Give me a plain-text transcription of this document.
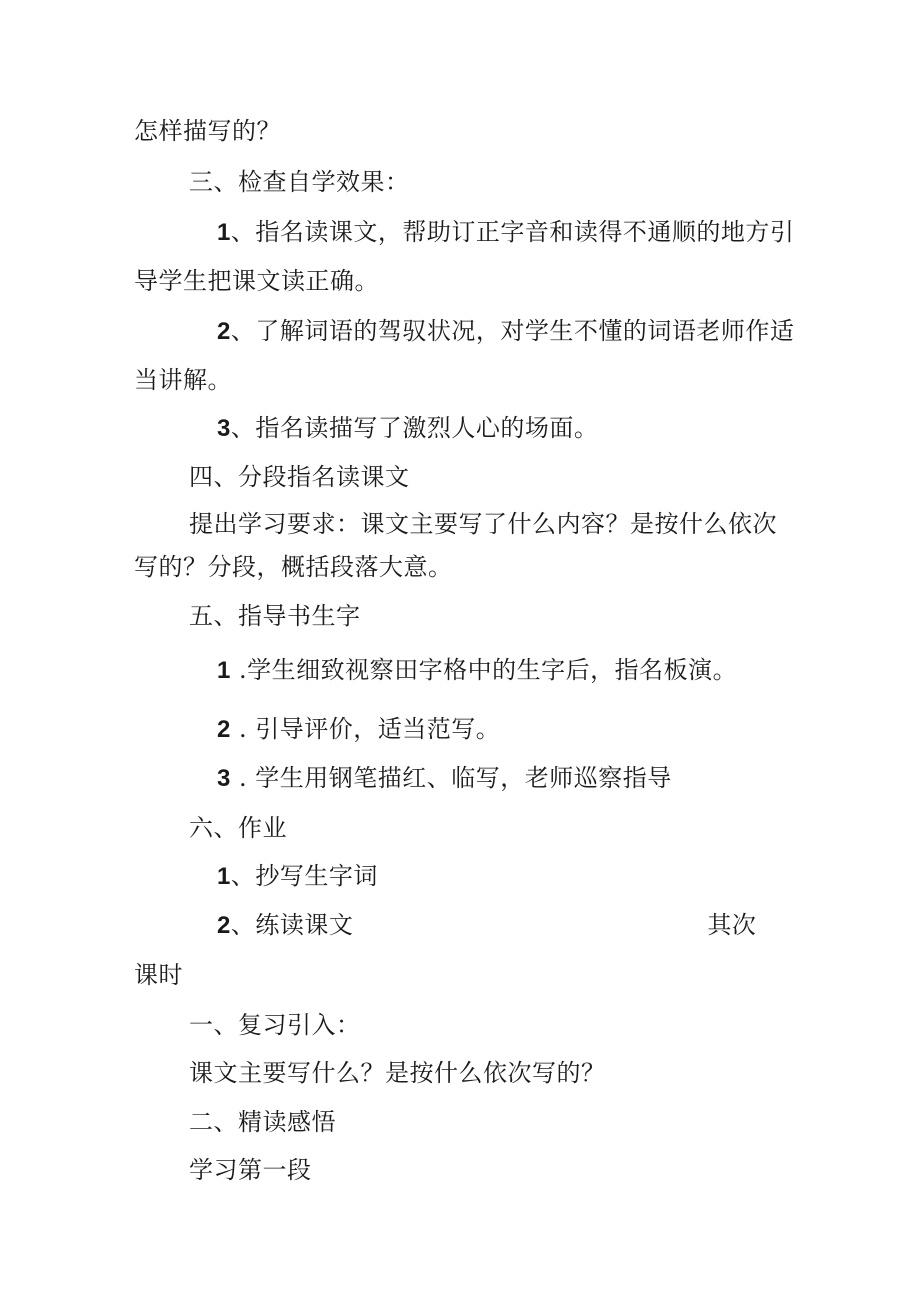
怎样描写的？
三、检查自学效果：
1、指名读课文，帮助订正字音和读得不通顺的地方引
导学生把课文读正确。
2、了解词语的驾驭状况，对学生不懂的词语老师作适
当讲解。
3、指名读描写了激烈人心的场面。
四、分段指名读课文
提出学习要求：课文主要写了什么内容？是按什么依次
写的？分段，概括段落大意。
五、指导书生字
1 .学生细致视察田字格中的生字后，指名板演。
2 . 引导评价，适当范写。
3 . 学生用钢笔描红、临写，老师巡察指导
六、作业
1、抄写生字词
2、练读课文	其次
课时
一、复习引入：
课文主要写什么？是按什么依次写的？
二、精读感悟
学习第一段
